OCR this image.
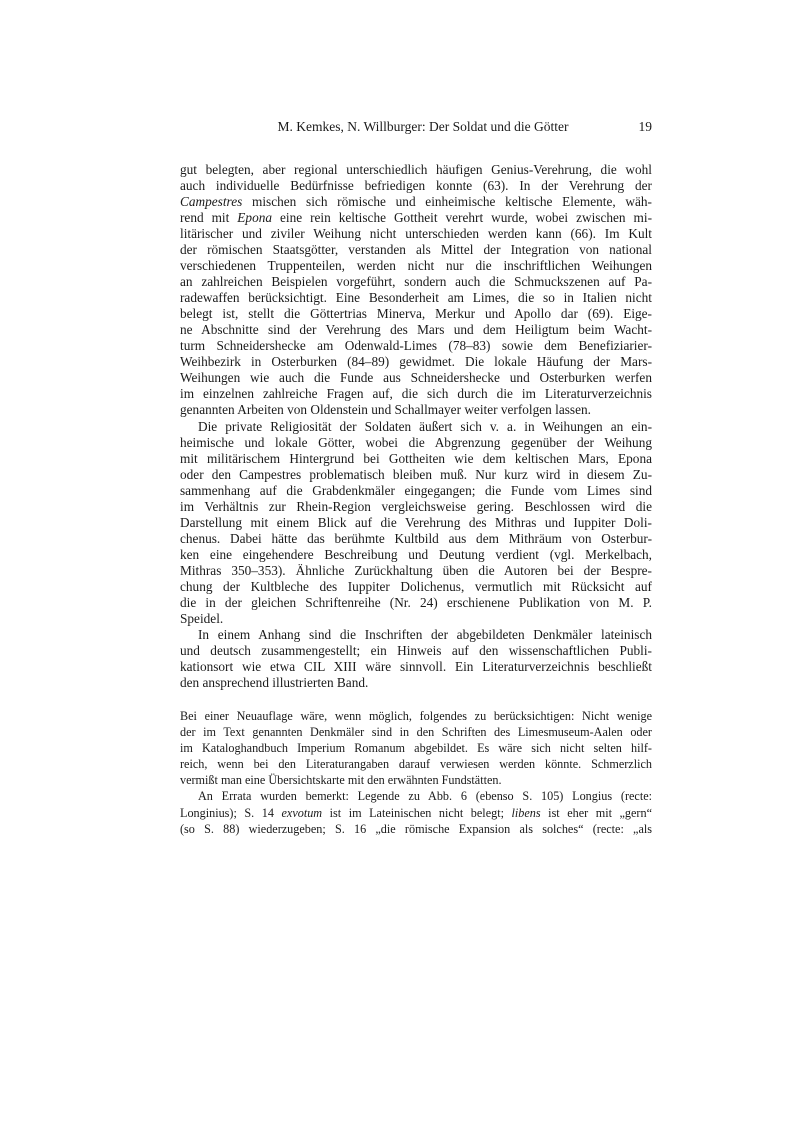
M. Kemkes, N. Willburger: Der Soldat und die Götter	19
gut belegten, aber regional unterschiedlich häufigen Genius-Verehrung, die wohl
auch individuelle Bedürfnisse befriedigen konnte (63). In der Verehrung der
Campestres mischen sich römische und einheimische keltische Elemente, wäh-
rend mit Epona eine rein keltische Gottheit verehrt wurde, wobei zwischen mi-
litärischer und ziviler Weihung nicht unterschieden werden kann (66). Im Kult
der römischen Staatsgötter, verstanden als Mittel der Integration von national
verschiedenen Truppenteilen, werden nicht nur die inschriftlichen Weihungen
an zahlreichen Beispielen vorgeführt, sondern auch die Schmuckszenen auf Pa-
radewaffen berücksichtigt. Eine Besonderheit am Limes, die so in Italien nicht
belegt ist, stellt die Göttertrias Minerva, Merkur und Apollo dar (69). Eige-
ne Abschnitte sind der Verehrung des Mars und dem Heiligtum beim Wacht-
turm Schneidershecke am Odenwald-Limes (78–83) sowie dem Benefiziarier-
Weihbezirk in Osterburken (84–89) gewidmet. Die lokale Häufung der Mars-
Weihungen wie auch die Funde aus Schneidershecke und Osterburken werfen
im einzelnen zahlreiche Fragen auf, die sich durch die im Literaturverzeichnis
genannten Arbeiten von Oldenstein und Schallmayer weiter verfolgen lassen.
Die private Religiosität der Soldaten äußert sich v. a. in Weihungen an ein-
heimische und lokale Götter, wobei die Abgrenzung gegenüber der Weihung
mit militärischem Hintergrund bei Gottheiten wie dem keltischen Mars, Epona
oder den Campestres problematisch bleiben muß. Nur kurz wird in diesem Zu-
sammenhang auf die Grabdenkmäler eingegangen; die Funde vom Limes sind
im Verhältnis zur Rhein-Region vergleichsweise gering. Beschlossen wird die
Darstellung mit einem Blick auf die Verehrung des Mithras und Iuppiter Doli-
chenus. Dabei hätte das berühmte Kultbild aus dem Mithräum von Osterbur-
ken eine eingehendere Beschreibung und Deutung verdient (vgl. Merkelbach,
Mithras 350–353). Ähnliche Zurückhaltung üben die Autoren bei der Bespre-
chung der Kultbleche des Iuppiter Dolichenus, vermutlich mit Rücksicht auf
die in der gleichen Schriftenreihe (Nr. 24) erschienene Publikation von M. P.
Speidel.
In einem Anhang sind die Inschriften der abgebildeten Denkmäler lateinisch
und deutsch zusammengestellt; ein Hinweis auf den wissenschaftlichen Publi-
kationsort wie etwa CIL XIII wäre sinnvoll. Ein Literaturverzeichnis beschließt
den ansprechend illustrierten Band.
Bei einer Neuauflage wäre, wenn möglich, folgendes zu berücksichtigen: Nicht wenige
der im Text genannten Denkmäler sind in den Schriften des Limesmuseum-Aalen oder
im Kataloghandbuch Imperium Romanum abgebildet. Es wäre sich nicht selten hilf-
reich, wenn bei den Literaturangaben darauf verwiesen werden könnte. Schmerzlich
vermißt man eine Übersichtskarte mit den erwähnten Fundstätten.
An Errata wurden bemerkt: Legende zu Abb. 6 (ebenso S. 105) Longius (recte:
Longinius); S. 14 exvotum ist im Lateinischen nicht belegt; libens ist eher mit „gern“
(so S. 88) wiederzugeben; S. 16 „die römische Expansion als solches“ (recte: „als
